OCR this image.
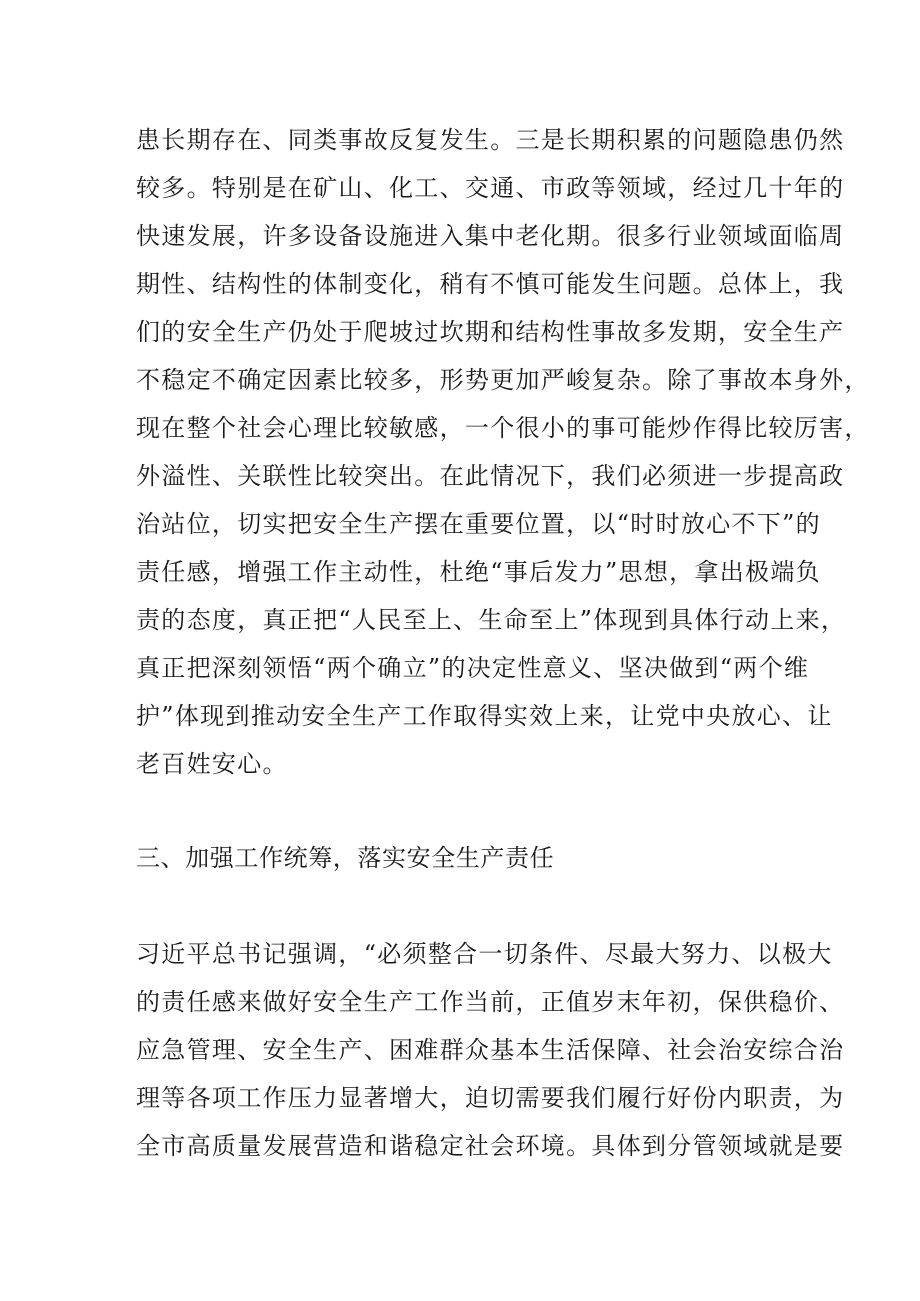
患长期存在、同类事故反复发生。三是长期积累的问题隐患仍然
较多。特别是在矿山、化工、交通、市政等领域，经过几十年的
快速发展，许多设备设施进入集中老化期。很多行业领域面临周
期性、结构性的体制变化，稍有不慎可能发生问题。总体上，我
们的安全生产仍处于爬坡过坎期和结构性事故多发期，安全生产
不稳定不确定因素比较多，形势更加严峻复杂。除了事故本身外，
现在整个社会心理比较敏感，一个很小的事可能炒作得比较厉害，
外溢性、关联性比较突出。在此情况下，我们必须进一步提高政
治站位，切实把安全生产摆在重要位置，以“时时放心不下”的
责任感，增强工作主动性，杜绝“事后发力”思想，拿出极端负
责的态度，真正把“人民至上、生命至上”体现到具体行动上来，
真正把深刻领悟“两个确立”的决定性意义、坚决做到“两个维
护”体现到推动安全生产工作取得实效上来，让党中央放心、让
老百姓安心。
三、加强工作统筹，落实安全生产责任
习近平总书记强调，“必须整合一切条件、尽最大努力、以极大
的责任感来做好安全生产工作当前，正值岁末年初，保供稳价、
应急管理、安全生产、困难群众基本生活保障、社会治安综合治
理等各项工作压力显著增大，迫切需要我们履行好份内职责，为
全市高质量发展营造和谐稳定社会环境。具体到分管领域就是要
